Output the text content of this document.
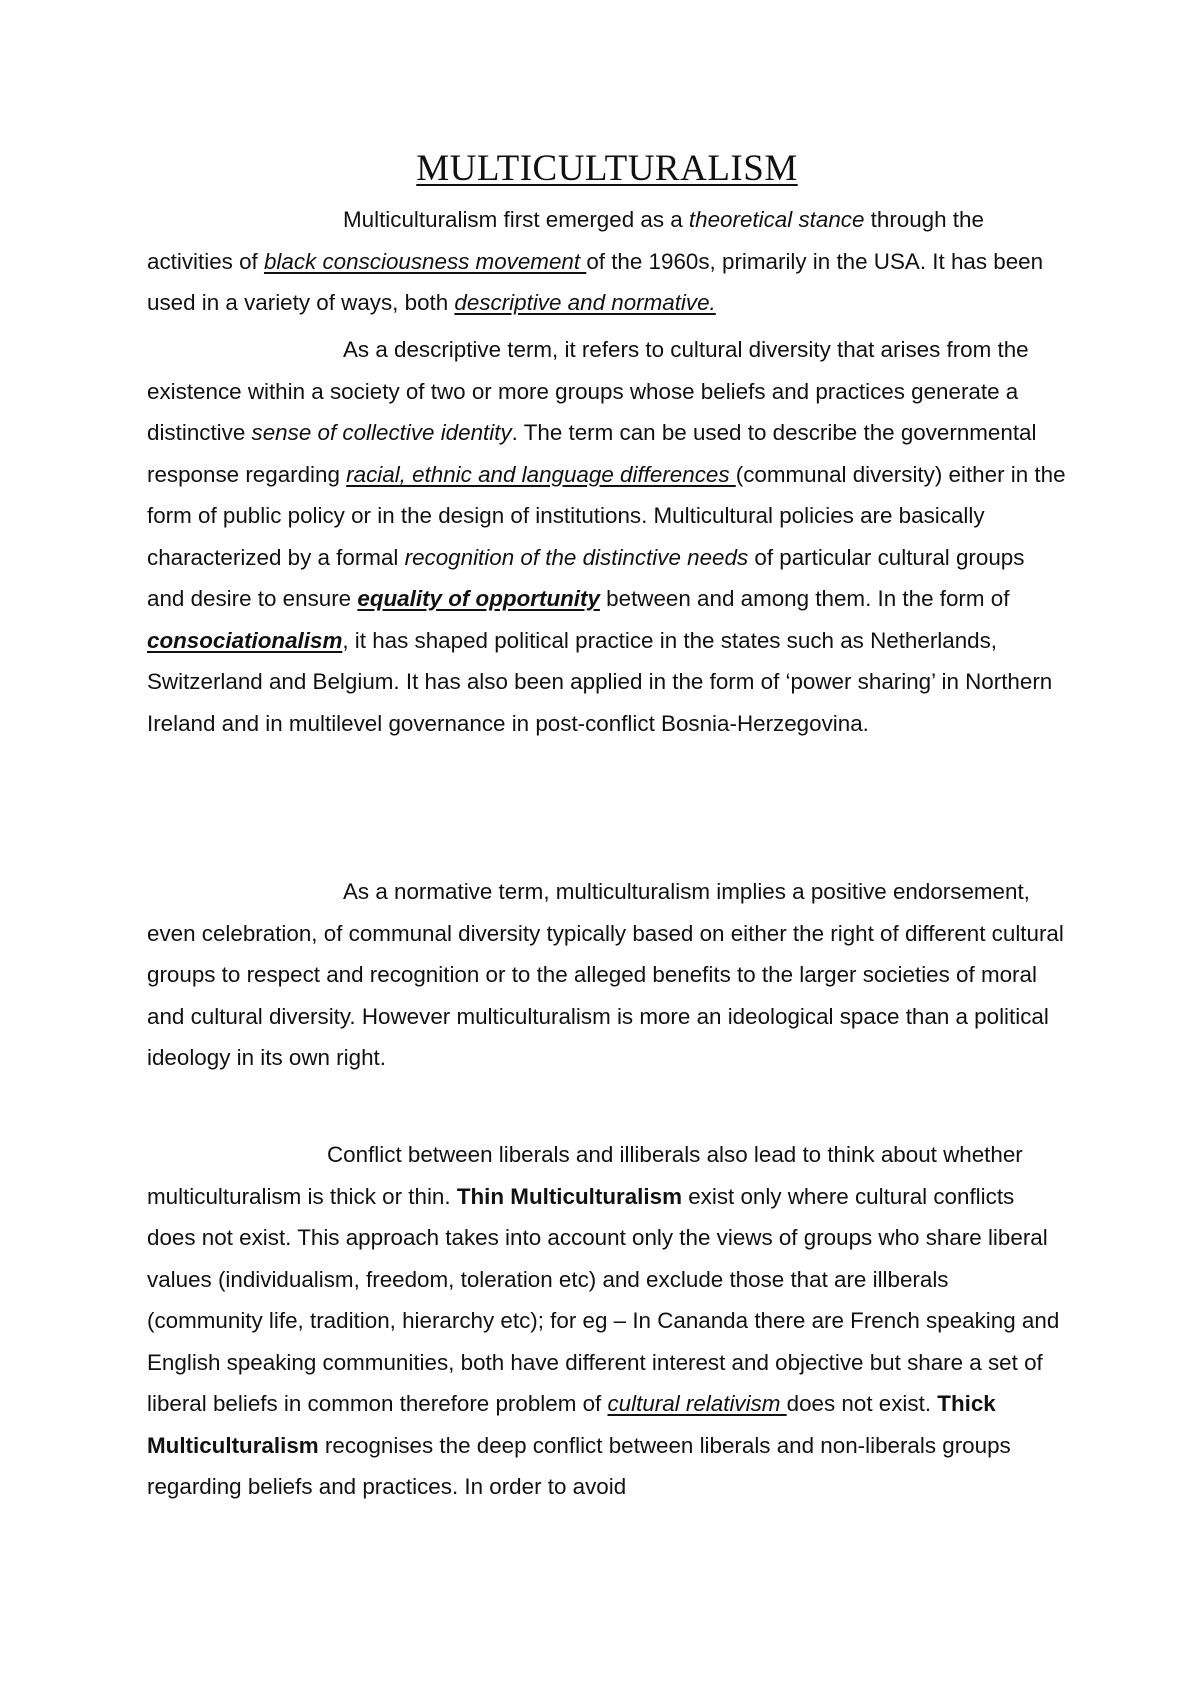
MULTICULTURALISM

Multiculturalism first emerged as a theoretical stance through the activities of black consciousness movement of the 1960s, primarily in the USA. It has been used in a variety of ways, both descriptive and normative.

As a descriptive term, it refers to cultural diversity that arises from the existence within a society of two or more groups whose beliefs and practices generate a distinctive sense of collective identity. The term can be used to describe the governmental response regarding racial, ethnic and language differences (communal diversity) either in the form of public policy or in the design of institutions. Multicultural policies are basically characterized by a formal recognition of the distinctive needs of particular cultural groups and desire to ensure equality of opportunity between and among them. In the form of consociationalism, it has shaped political practice in the states such as Netherlands, Switzerland and Belgium. It has also been applied in the form of ‘power sharing’ in Northern Ireland and in multilevel governance in post-conflict Bosnia-Herzegovina.

As a normative term, multiculturalism implies a positive endorsement, even celebration, of communal diversity typically based on either the right of different cultural groups to respect and recognition or to the alleged benefits to the larger societies of moral and cultural diversity. However multiculturalism is more an ideological space than a political ideology in its own right.

Conflict between liberals and illiberals also lead to think about whether multiculturalism is thick or thin. Thin Multiculturalism exist only where cultural conflicts does not exist. This approach takes into account only the views of groups who share liberal values (individualism, freedom, toleration etc) and exclude those that are illberals (community life, tradition, hierarchy etc); for eg – In Cananda there are French speaking and English speaking communities, both have different interest and objective but share a set of liberal beliefs in common therefore problem of cultural relativism does not exist. Thick Multiculturalism recognises the deep conflict between liberals and non-liberals groups regarding beliefs and practices. In order to avoid
